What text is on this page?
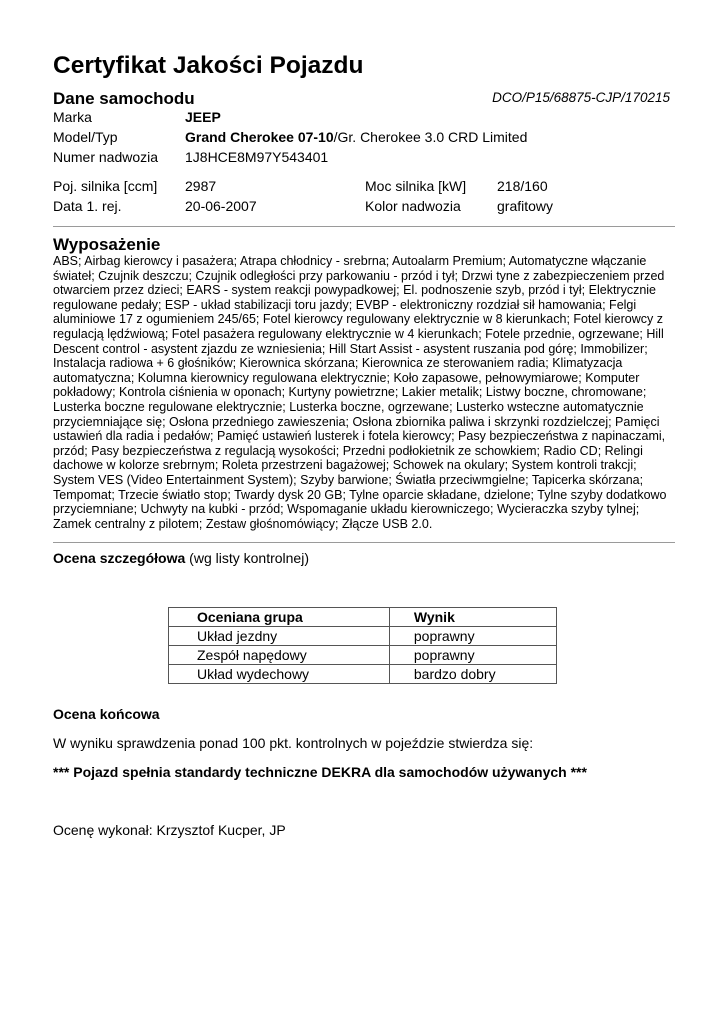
Certyfikat Jakości Pojazdu
Dane samochodu	DCO/P15/68875-CJP/170215
Marka	JEEP
Model/Typ	Grand Cherokee 07-10/Gr. Cherokee 3.0 CRD Limited
Numer nadwozia 1J8HCE8M97Y543401
Poj. silnika [ccm] 2987	Moc silnika [kW] 218/160
Data 1. rej.	20-06-2007	Kolor nadwozia	grafitowy
Wyposażenie

ABS; Airbag kierowcy i pasażera; Atrapa chłodnicy - srebrna; Autoalarm Premium; Automatyczne włączanie świateł; Czujnik deszczu; Czujnik odległości przy parkowaniu - przód i tył; Drzwi tyne z zabezpieczeniem przed otwarciem przez dzieci; EARS - system reakcji powypadkowej; El. podnoszenie szyb, przód i tył; Elektrycznie regulowane pedały; ESP - układ stabilizacji toru jazdy; EVBP - elektroniczny rozdział sił hamowania; Felgi aluminiowe 17 z ogumieniem 245/65; Fotel kierowcy regulowany elektrycznie w 8 kierunkach; Fotel kierowcy z regulacją lędźwiową; Fotel pasażera regulowany elektrycznie w 4 kierunkach; Fotele przednie, ogrzewane; Hill Descent control - asystent zjazdu ze wzniesienia; Hill Start Assist - asystent ruszania pod górę; Immobilizer; Instalacja radiowa + 6 głośników; Kierownica skórzana; Kierownica ze sterowaniem radia; Klimatyzacja automatyczna; Kolumna kierownicy regulowana elektrycznie; Koło zapasowe, pełnowymiarowe; Komputer pokładowy; Kontrola ciśnienia w oponach; Kurtyny powietrzne; Lakier metalik; Listwy boczne, chromowane; Lusterka boczne regulowane elektrycznie; Lusterka boczne, ogrzewane; Lusterko wsteczne automatycznie przyciemniające się; Osłona przedniego zawieszenia; Osłona zbiornika paliwa i skrzynki rozdzielczej; Pamięci ustawień dla radia i pedałów; Pamięć ustawień lusterek i fotela kierowcy; Pasy bezpieczeństwa z napinaczami, przód; Pasy bezpieczeństwa z regulacją wysokości; Przedni podłokietnik ze schowkiem; Radio CD; Relingi dachowe w kolorze srebrnym; Roleta przestrzeni bagażowej; Schowek na okulary; System kontroli trakcji; System VES (Video Entertainment System); Szyby barwione; Światła przeciwmgielne; Tapicerka skórzana; Tempomat; Trzecie światło stop; Twardy dysk 20 GB; Tylne oparcie składane, dzielone; Tylne szyby dodatkowo przyciemniane; Uchwyty na kubki - przód; Wspomaganie układu kierowniczego; Wycieraczka szyby tylnej; Zamek centralny z pilotem; Zestaw głośnomówiący; Złącze USB 2.0.

Ocena szczegółowa (wg listy kontrolnej)
Oceniana grupa	Wynik
Układ jezdny	poprawny
Zespół napędowy	poprawny
Układ wydechowy	bardzo dobry
Ocena końcowa
W wyniku sprawdzenia ponad 100 pkt. kontrolnych w pojeździe stwierdza się:
*** Pojazd spełnia standardy techniczne DEKRA dla samochodów używanych ***
Ocenę wykonał: Krzysztof Kucper, JP
